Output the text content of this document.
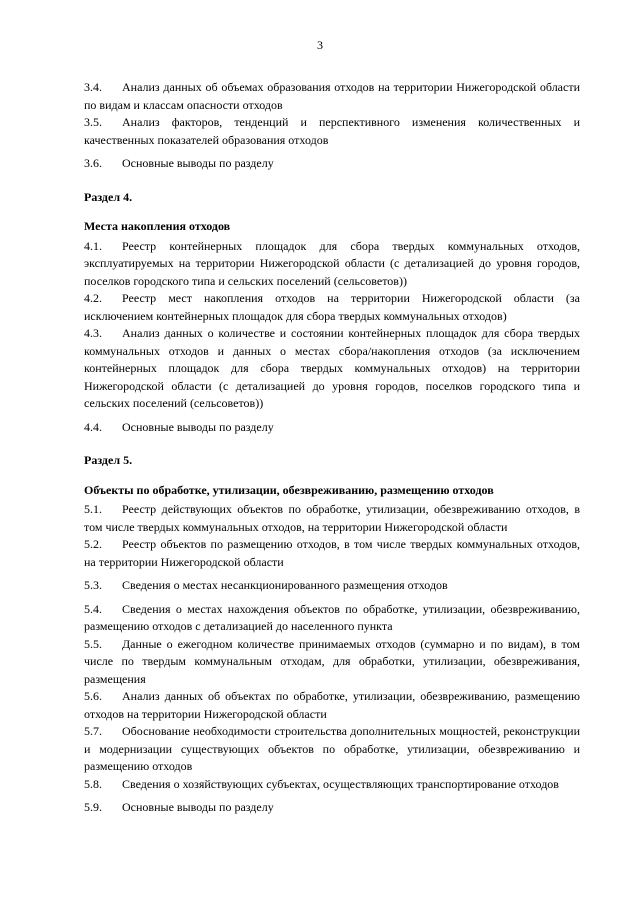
3

3.4. Анализ данных об объемах образования отходов на территории Нижегородской области по видам и классам опасности отходов

3.5. Анализ факторов, тенденций и перспективного изменения количественных и качественных показателей образования отходов

3.6. Основные выводы по разделу

Раздел 4.

Места накопления отходов

4.1. Реестр контейнерных площадок для сбора твердых коммунальных отходов, эксплуатируемых на территории Нижегородской области (с детализацией до уровня городов, поселков городского типа и сельских поселений (сельсоветов))

4.2. Реестр мест накопления отходов на территории Нижегородской области (за исключением контейнерных площадок для сбора твердых коммунальных отходов)

4.3. Анализ данных о количестве и состоянии контейнерных площадок для сбора твердых коммунальных отходов и данных о местах сбора/накопления отходов (за исключением контейнерных площадок для сбора твердых коммунальных отходов) на территории Нижегородской области (с детализацией до уровня городов, поселков городского типа и сельских поселений (сельсоветов))

4.4. Основные выводы по разделу

Раздел 5.

Объекты по обработке, утилизации, обезвреживанию, размещению отходов

5.1. Реестр действующих объектов по обработке, утилизации, обезвреживанию отходов, в том числе твердых коммунальных отходов, на территории Нижегородской области

5.2. Реестр объектов по размещению отходов, в том числе твердых коммунальных отходов, на территории Нижегородской области

5.3. Сведения о местах несанкционированного размещения отходов

5.4. Сведения о местах нахождения объектов по обработке, утилизации, обезвреживанию, размещению отходов с детализацией до населенного пункта

5.5. Данные о ежегодном количестве принимаемых отходов (суммарно и по видам), в том числе по твердым коммунальным отходам, для обработки, утилизации, обезвреживания, размещения

5.6. Анализ данных об объектах по обработке, утилизации, обезвреживанию, размещению отходов на территории Нижегородской области

5.7. Обоснование необходимости строительства дополнительных мощностей, реконструкции и модернизации существующих объектов по обработке, утилизации, обезвреживанию и размещению отходов

5.8. Сведения о хозяйствующих субъектах, осуществляющих транспортирование отходов

5.9. Основные выводы по разделу
